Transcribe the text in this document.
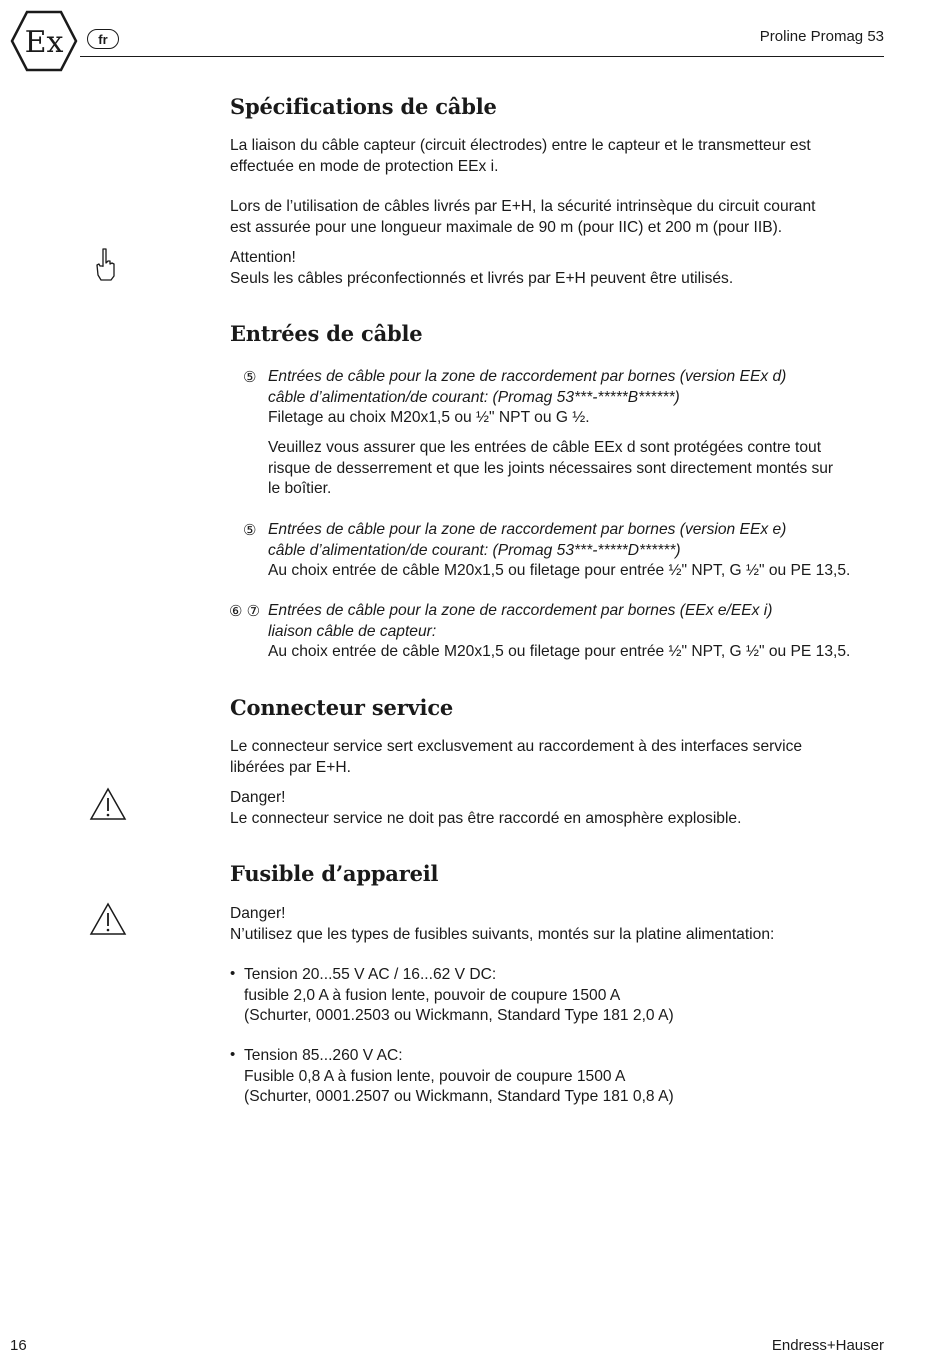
Ex	fr	Proline Promag 53
Spécifications de câble

La liaison du câble capteur (circuit électrodes) entre le capteur et le transmetteur est
effectuée en mode de protection EEx i.

Lors de l’utilisation de câbles livrés par E+H, la sécurité intrinsèque du circuit courant
est assurée pour une longueur maximale de 90 m (pour IIC) et 200 m (pour IIB).

Attention!
Seuls les câbles préconfectionnés et livrés par E+H peuvent être utilisés.

Entrées de câble
⑤ Entrées de câble pour la zone de raccordement par bornes (version EEx d)
câble d’alimentation/de courant: (Promag 53***-*****B******)
Filetage au choix M20x1,5 ou ½" NPT ou G ½.

Veuillez vous assurer que les entrées de câble EEx d sont protégées contre tout
risque de desserrement et que les joints nécessaires sont directement montés sur
le boîtier.

⑤ Entrées de câble pour la zone de raccordement par bornes (version EEx e)
câble d’alimentation/de courant: (Promag 53***-*****D******)
Au choix entrée de câble M20x1,5 ou filetage pour entrée ½" NPT, G ½" ou PE 13,5.

⑥ ⑦ Entrées de câble pour la zone de raccordement par bornes (EEx e/EEx i)
liaison câble de capteur:
Au choix entrée de câble M20x1,5 ou filetage pour entrée ½" NPT, G ½" ou PE 13,5.

Connecteur service

Le connecteur service sert exclusvement au raccordement à des interfaces service
libérées par E+H.

Danger!
Le connecteur service ne doit pas être raccordé en amosphère explosible.

Fusible d’appareil

Danger!
N’utilisez que les types de fusibles suivants, montés sur la platine alimentation:

• Tension 20...55 V AC / 16...62 V DC:
fusible 2,0 A à fusion lente, pouvoir de coupure 1500 A
(Schurter, 0001.2503 ou Wickmann, Standard Type 181 2,0 A)

• Tension 85...260 V AC:
Fusible 0,8 A à fusion lente, pouvoir de coupure 1500 A
(Schurter, 0001.2507 ou Wickmann, Standard Type 181 0,8 A)

16	Endress+Hauser
